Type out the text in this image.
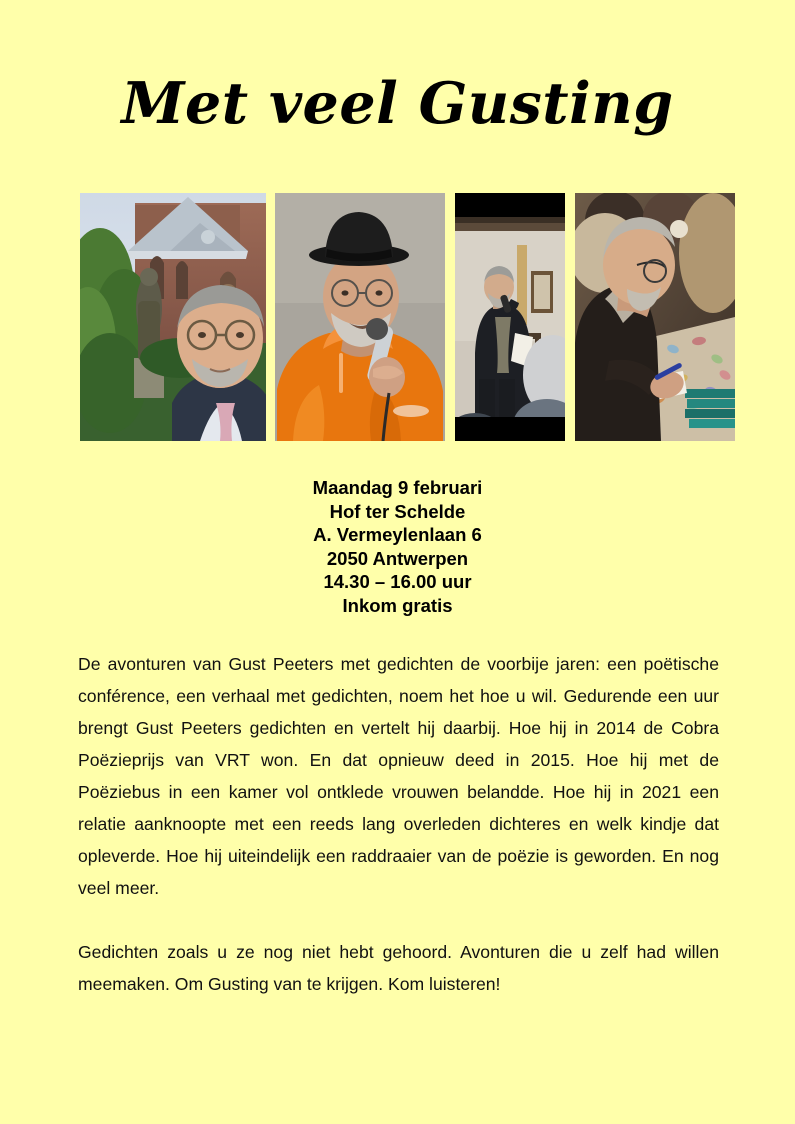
Met veel Gusting
Maandag 9 februari
Hof ter Schelde
A. Vermeylenlaan 6
2050 Antwerpen
14.30 – 16.00 uur
Inkom gratis

De avonturen van Gust Peeters met gedichten de voorbije jaren: een poëtische conférence, een verhaal met gedichten, noem het hoe u wil. Gedurende een uur brengt Gust Peeters gedichten en vertelt hij daarbij. Hoe hij in 2014 de Cobra Poëzieprijs van VRT won. En dat opnieuw deed in 2015. Hoe hij met de Poëziebus in een kamer vol ontklede vrouwen belandde. Hoe hij in 2021 een relatie aanknoopte met een reeds lang overleden dichteres en welk kindje dat opleverde. Hoe hij uiteindelijk een raddraaier van de poëzie is geworden. En nog veel meer.

Gedichten zoals u ze nog niet hebt gehoord. Avonturen die u zelf had willen meemaken. Om Gusting van te krijgen. Kom luisteren!
